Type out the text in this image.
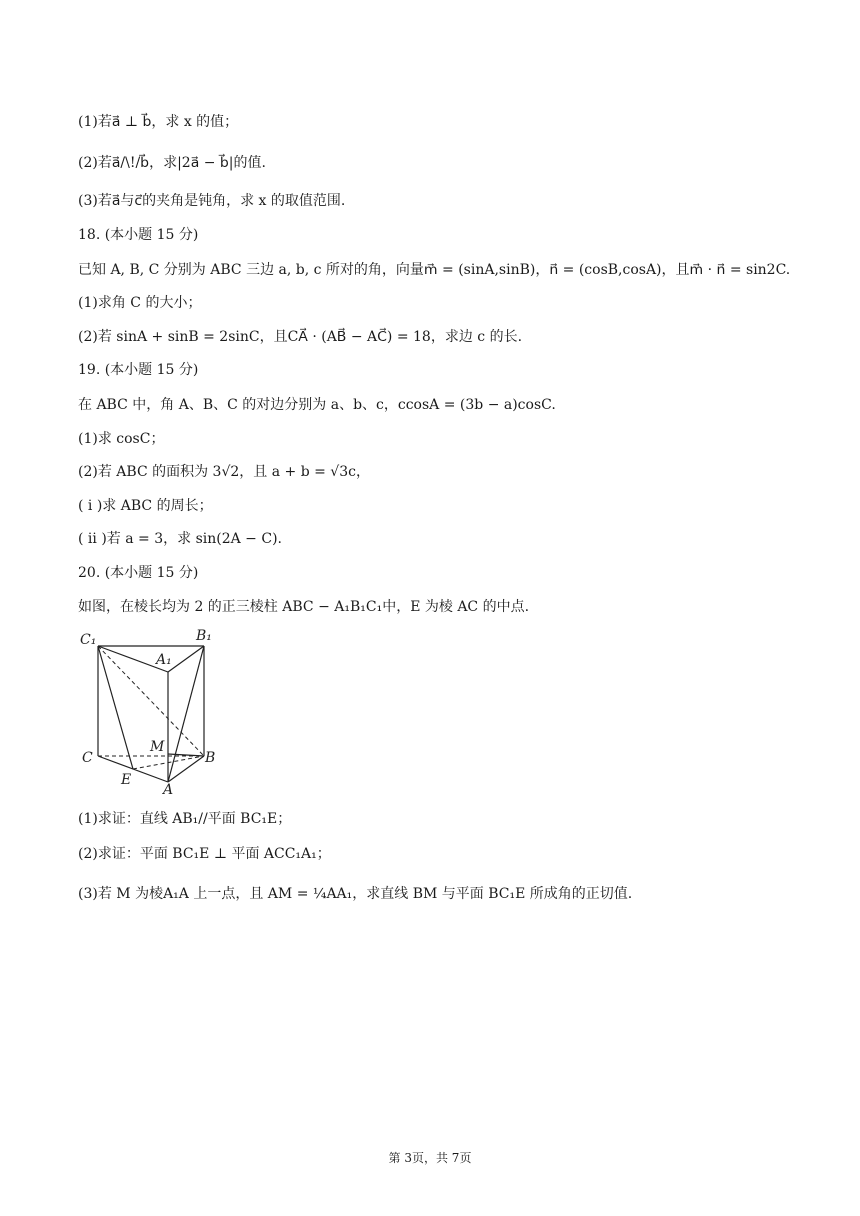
(1)若a⃗ ⊥ b⃗，求 x 的值；
(2)若a⃗/\!/b⃗，求|2a⃗ − b⃗|的值.
(3)若a⃗与c⃗的夹角是钝角，求 x 的取值范围.
18. (本小题 15 分)
已知 A, B, C 分别为 ABC 三边 a, b, c 所对的角，向量m⃗ = (sinA,sinB)，n⃗ = (cosB,cosA)，且m⃗ · n⃗ = sin2C.
(1)求角 C 的大小；
(2)若 sinA + sinB = 2sinC，且CA⃗ · (AB⃗ − AC⃗) = 18，求边 c 的长.
19. (本小题 15 分)
在 ABC 中，角 A、B、C 的对边分别为 a、b、c，ccosA = (3b − a)cosC.
(1)求 cosC；
(2)若 ABC 的面积为 3√2，且 a + b = √3c，
( ⅰ )求 ABC 的周长；
( ⅱ )若 a = 3，求 sin(2A − C).
20. (本小题 15 分)
如图，在棱长均为 2 的正三棱柱 ABC − A₁B₁C₁中，E 为棱 AC 的中点.
C₁	B₁
A₁
M
C	B
E
A
(1)求证：直线 AB₁//平面 BC₁E；
(2)求证：平面 BC₁E ⊥ 平面 ACC₁A₁；
(3)若 M 为棱A₁A 上一点，且 AM = ¼AA₁，求直线 BM 与平面 BC₁E 所成角的正切值.
第 3页，共 7页
